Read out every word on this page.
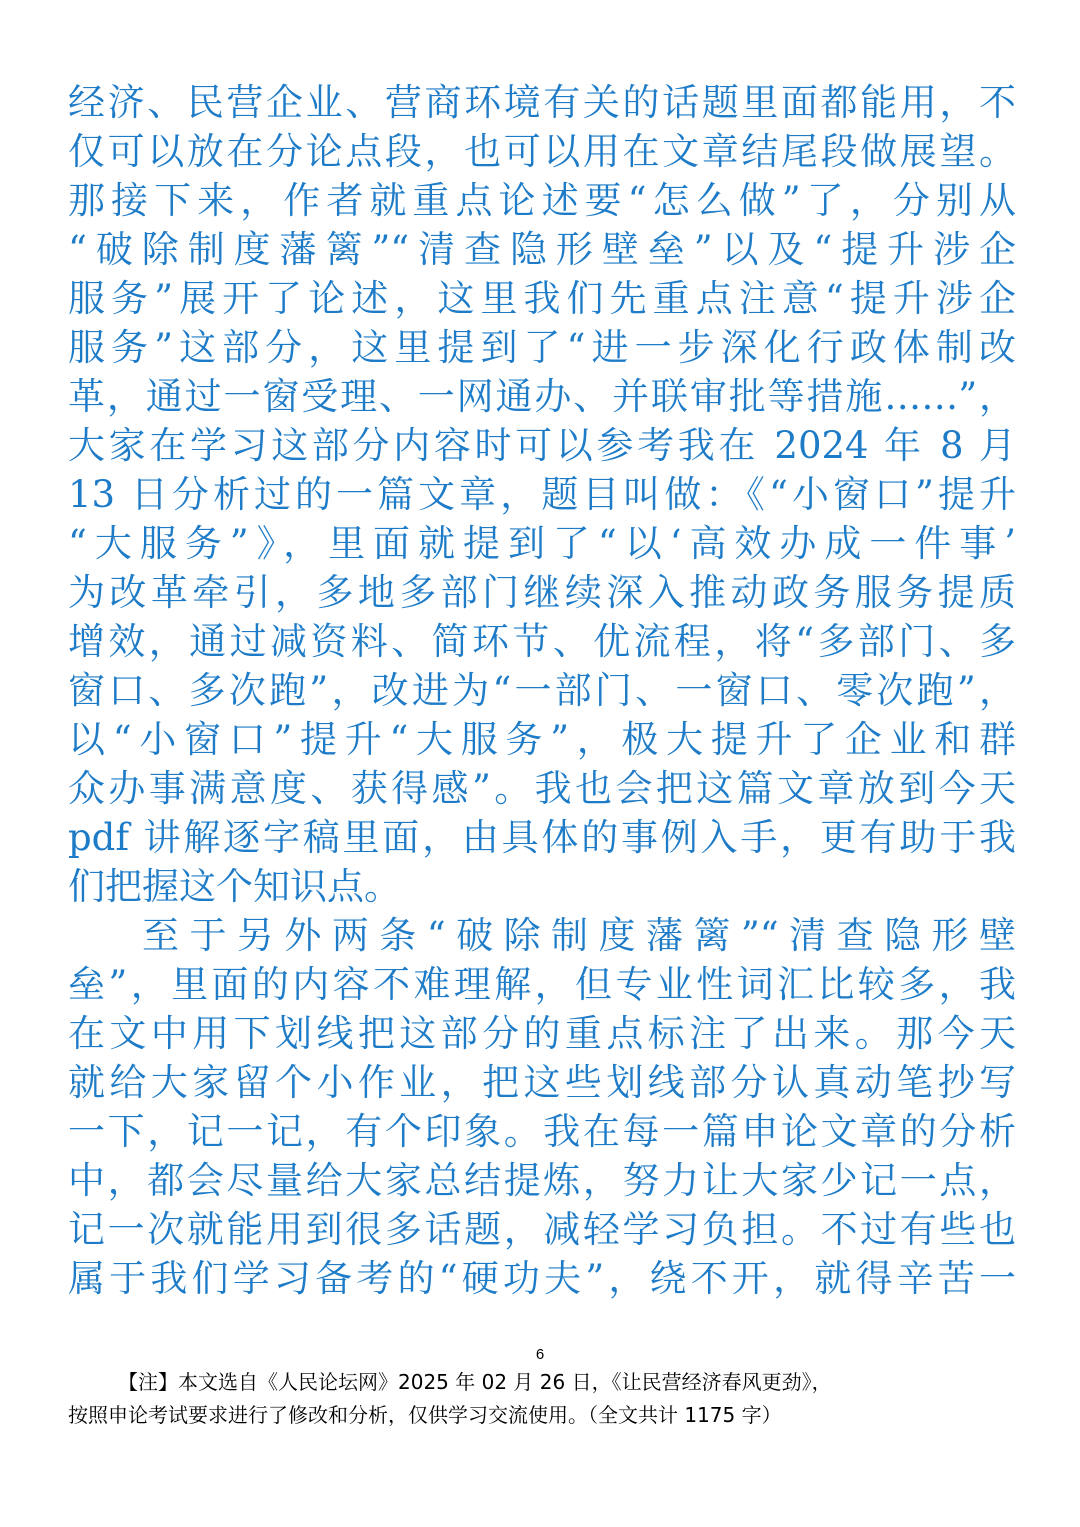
经济、民营企业、营商环境有关的话题里面都能用，不
仅可以放在分论点段，也可以用在文章结尾段做展望。
那接下来，作者就重点论述要“怎么做”了，分别从
“破除制度藩篱”“清查隐形壁垒”以及“提升涉企
服务”展开了论述，这里我们先重点注意“提升涉企
服务”这部分，这里提到了“进一步深化行政体制改
革，通过一窗受理、一网通办、并联审批等措施……”，
大家在学习这部分内容时可以参考我在 2024 年 8 月
13 日分析过的一篇文章，题目叫做：《“小窗口”提升
“大服务”》，里面就提到了“以‘高效办成一件事’
为改革牵引，多地多部门继续深入推动政务服务提质
增效，通过减资料、简环节、优流程，将“多部门、多
窗口、多次跑”，改进为“一部门、一窗口、零次跑”，
以“小窗口”提升“大服务”，极大提升了企业和群
众办事满意度、获得感”。我也会把这篇文章放到今天
pdf 讲解逐字稿里面，由具体的事例入手，更有助于我
们把握这个知识点。
至于另外两条“破除制度藩篱”“清查隐形壁
垒”，里面的内容不难理解，但专业性词汇比较多，我
在文中用下划线把这部分的重点标注了出来。那今天
就给大家留个小作业，把这些划线部分认真动笔抄写
一下，记一记，有个印象。我在每一篇申论文章的分析
中，都会尽量给大家总结提炼，努力让大家少记一点，
记一次就能用到很多话题，减轻学习负担。不过有些也
属于我们学习备考的“硬功夫”，绕不开，就得辛苦一
6
【注】本文选自《人民论坛网》2025 年 02 月 26 日，《让民营经济春风更劲》，
按照申论考试要求进行了修改和分析，仅供学习交流使用。（全文共计 1175 字）
